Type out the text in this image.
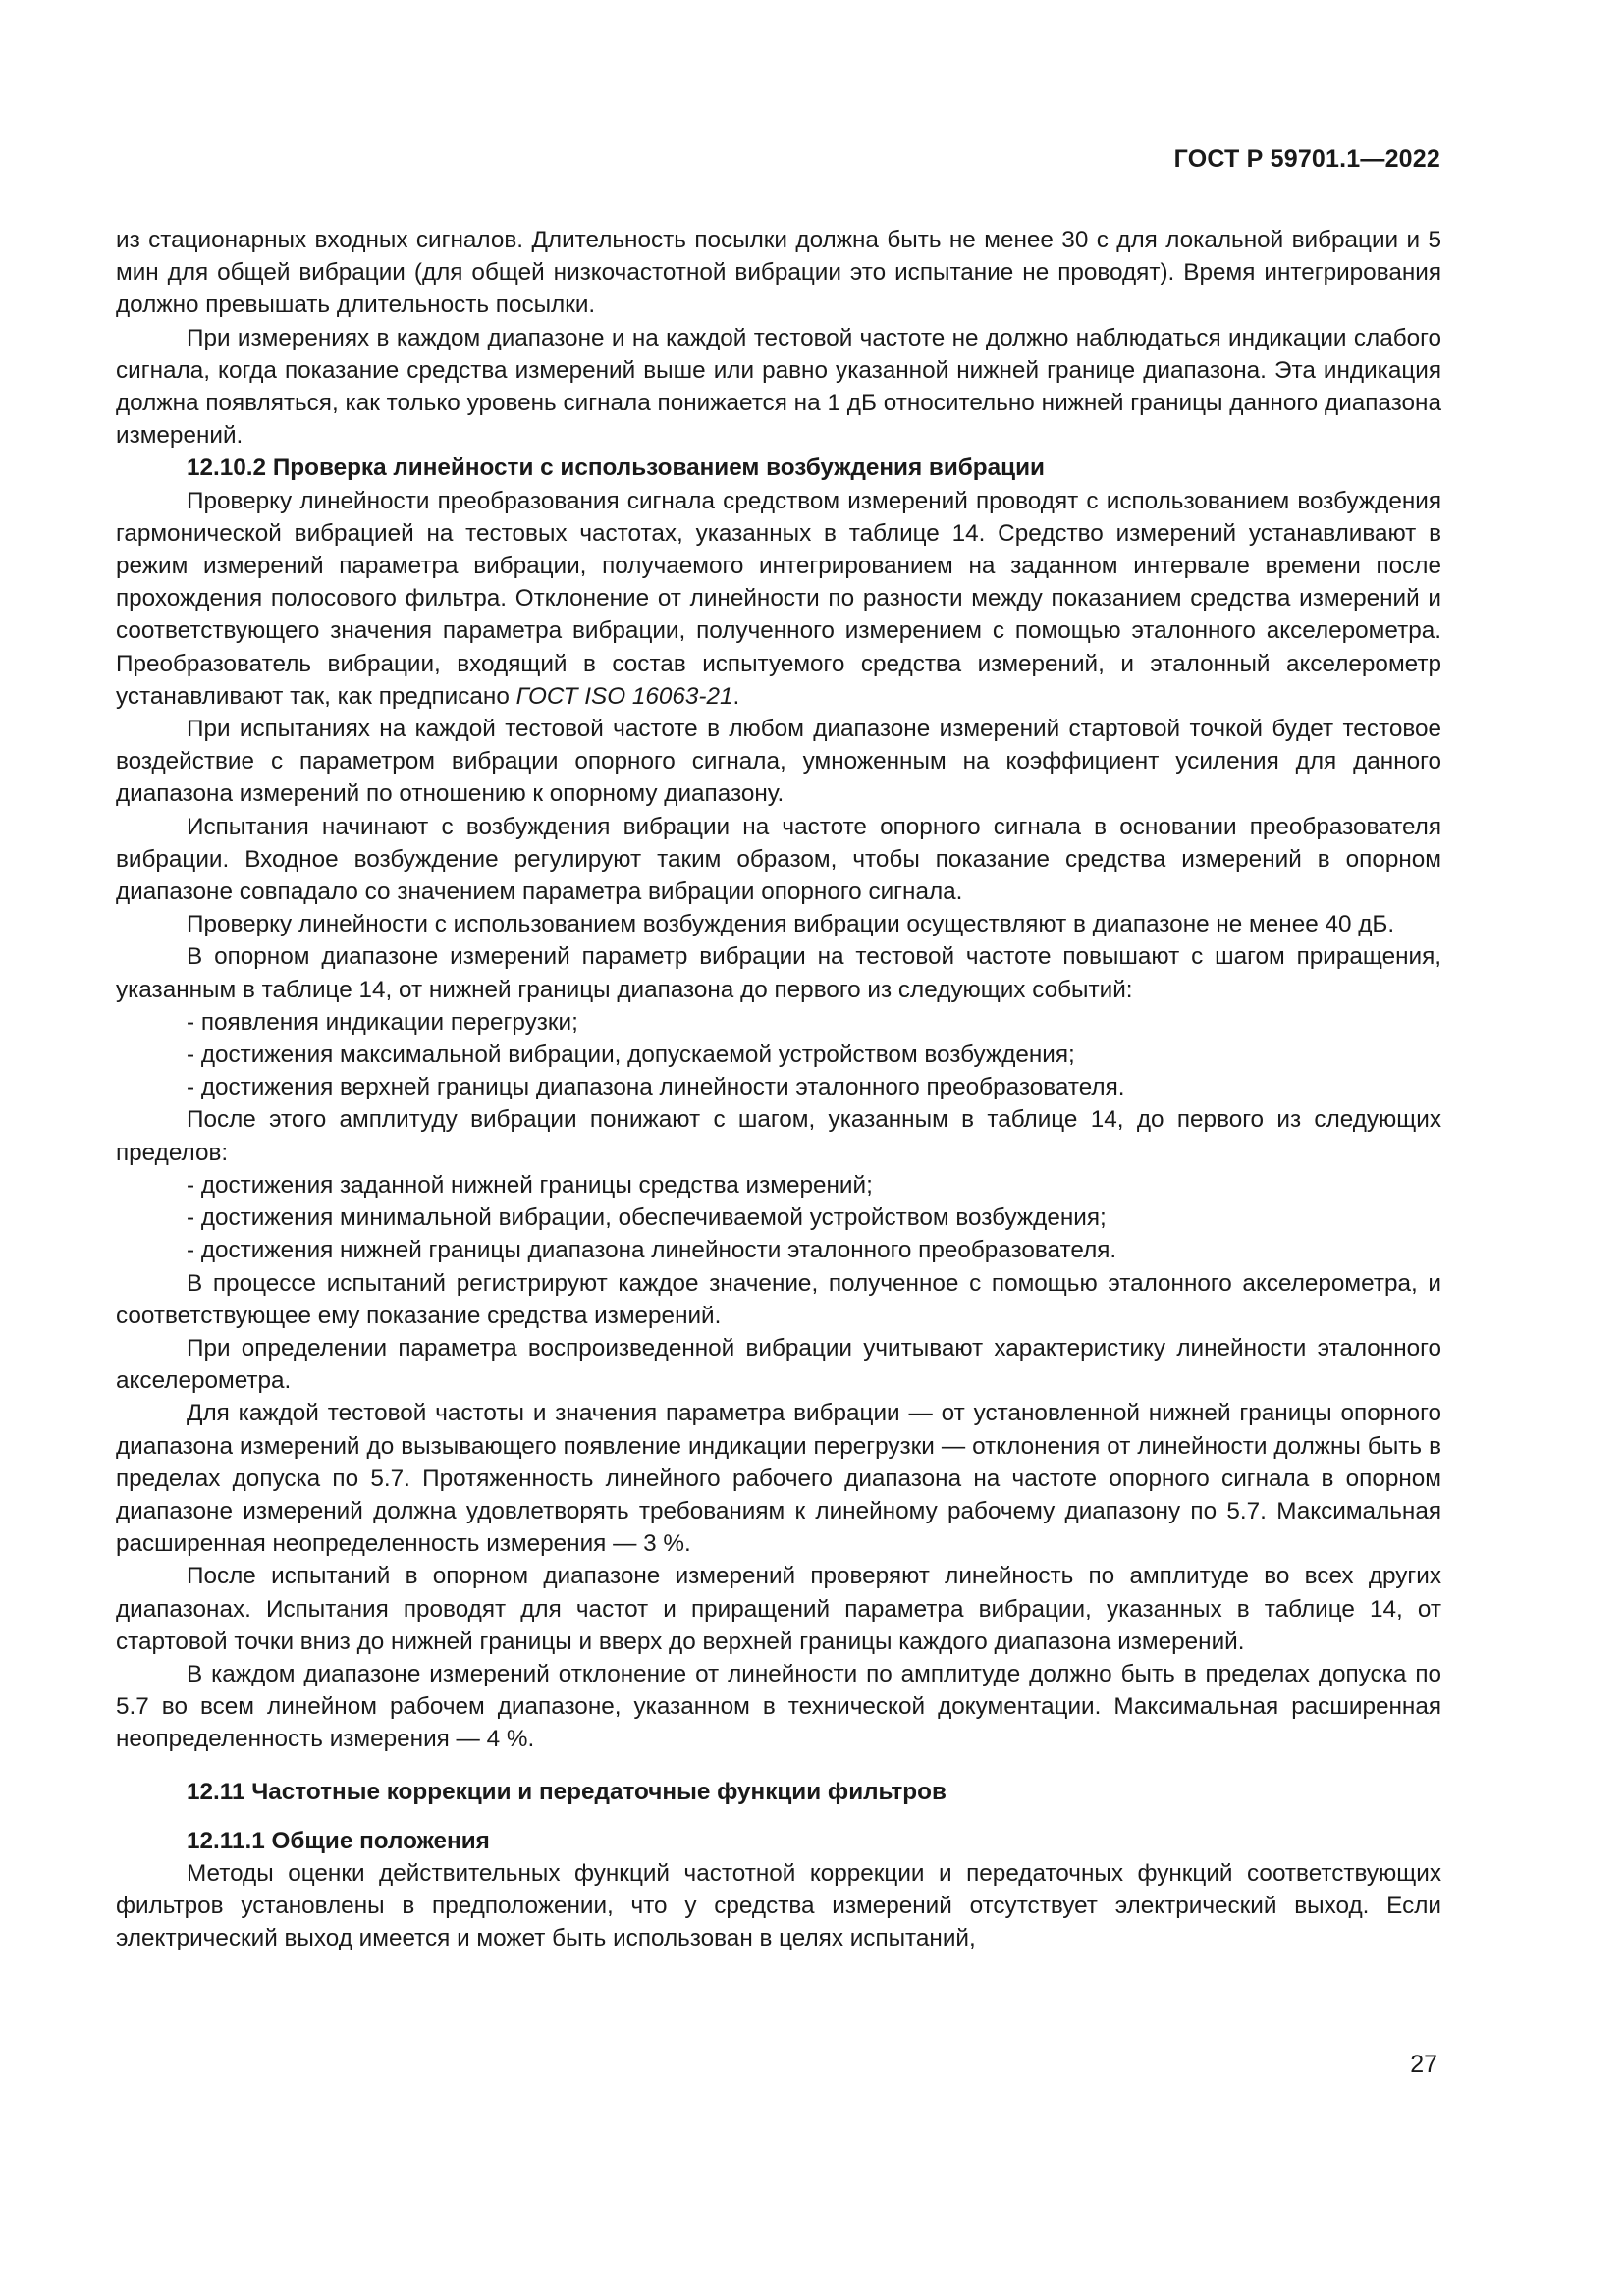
ГОСТ Р 59701.1—2022

из стационарных входных сигналов. Длительность посылки должна быть не менее 30 с для локальной вибрации и 5 мин для общей вибрации (для общей низкочастотной вибрации это испытание не проводят). Время интегрирования должно превышать длительность посылки.

При измерениях в каждом диапазоне и на каждой тестовой частоте не должно наблюдаться индикации слабого сигнала, когда показание средства измерений выше или равно указанной нижней границе диапазона. Эта индикация должна появляться, как только уровень сигнала понижается на 1 дБ относительно нижней границы данного диапазона измерений.

12.10.2 Проверка линейности с использованием возбуждения вибрации

Проверку линейности преобразования сигнала средством измерений проводят с использованием возбуждения гармонической вибрацией на тестовых частотах, указанных в таблице 14. Средство измерений устанавливают в режим измерений параметра вибрации, получаемого интегрированием на заданном интервале времени после прохождения полосового фильтра. Отклонение от линейности по разности между показанием средства измерений и соответствующего значения параметра вибрации, полученного измерением с помощью эталонного акселерометра. Преобразователь вибрации, входящий в состав испытуемого средства измерений, и эталонный акселерометр устанавливают так, как предписано ГОСТ ISO 16063-21.

При испытаниях на каждой тестовой частоте в любом диапазоне измерений стартовой точкой будет тестовое воздействие с параметром вибрации опорного сигнала, умноженным на коэффициент усиления для данного диапазона измерений по отношению к опорному диапазону.

Испытания начинают с возбуждения вибрации на частоте опорного сигнала в основании преобразователя вибрации. Входное возбуждение регулируют таким образом, чтобы показание средства измерений в опорном диапазоне совпадало со значением параметра вибрации опорного сигнала.

Проверку линейности с использованием возбуждения вибрации осуществляют в диапазоне не менее 40 дБ.

В опорном диапазоне измерений параметр вибрации на тестовой частоте повышают с шагом приращения, указанным в таблице 14, от нижней границы диапазона до первого из следующих событий:

- появления индикации перегрузки;

- достижения максимальной вибрации, допускаемой устройством возбуждения;

- достижения верхней границы диапазона линейности эталонного преобразователя.

После этого амплитуду вибрации понижают с шагом, указанным в таблице 14, до первого из следующих пределов:

- достижения заданной нижней границы средства измерений;

- достижения минимальной вибрации, обеспечиваемой устройством возбуждения;

- достижения нижней границы диапазона линейности эталонного преобразователя.

В процессе испытаний регистрируют каждое значение, полученное с помощью эталонного акселерометра, и соответствующее ему показание средства измерений.

При определении параметра воспроизведенной вибрации учитывают характеристику линейности эталонного акселерометра.

Для каждой тестовой частоты и значения параметра вибрации — от установленной нижней границы опорного диапазона измерений до вызывающего появление индикации перегрузки — отклонения от линейности должны быть в пределах допуска по 5.7. Протяженность линейного рабочего диапазона на частоте опорного сигнала в опорном диапазоне измерений должна удовлетворять требованиям к линейному рабочему диапазону по 5.7. Максимальная расширенная неопределенность измерения — 3 %.

После испытаний в опорном диапазоне измерений проверяют линейность по амплитуде во всех других диапазонах. Испытания проводят для частот и приращений параметра вибрации, указанных в таблице 14, от стартовой точки вниз до нижней границы и вверх до верхней границы каждого диапазона измерений.

В каждом диапазоне измерений отклонение от линейности по амплитуде должно быть в пределах допуска по 5.7 во всем линейном рабочем диапазоне, указанном в технической документации. Максимальная расширенная неопределенность измерения — 4 %.

12.11 Частотные коррекции и передаточные функции фильтров
12.11.1 Общие положения

Методы оценки действительных функций частотной коррекции и передаточных функций соответствующих фильтров установлены в предположении, что у средства измерений отсутствует электрический выход. Если электрический выход имеется и может быть использован в целях испытаний,

27
